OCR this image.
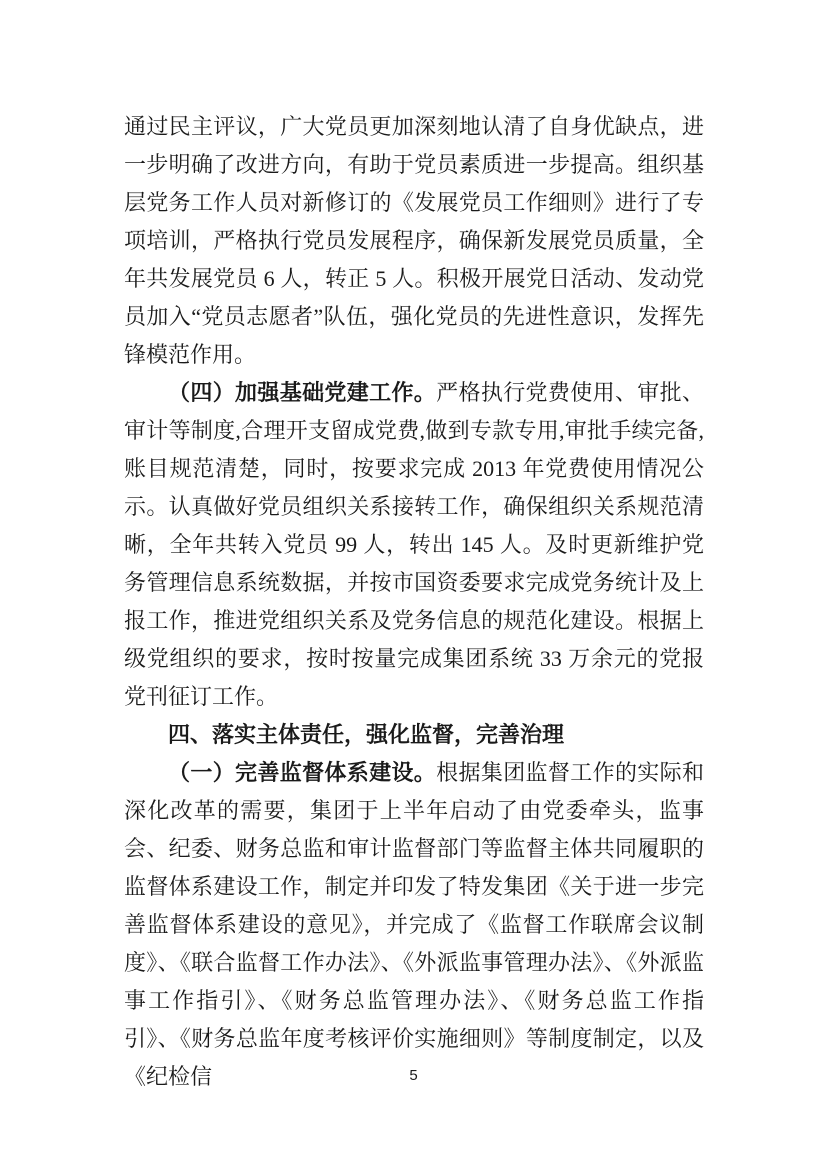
通过民主评议，广大党员更加深刻地认清了自身优缺点，进一步明确了改进方向，有助于党员素质进一步提高。组织基层党务工作人员对新修订的《发展党员工作细则》进行了专项培训，严格执行党员发展程序，确保新发展党员质量，全年共发展党员 6 人，转正 5 人。积极开展党日活动、发动党员加入“党员志愿者”队伍，强化党员的先进性意识，发挥先锋模范作用。

（四）加强基础党建工作。严格执行党费使用、审批、审计等制度,合理开支留成党费,做到专款专用,审批手续完备,账目规范清楚，同时，按要求完成 2013 年党费使用情况公示。认真做好党员组织关系接转工作，确保组织关系规范清晰，全年共转入党员 99 人，转出 145 人。及时更新维护党务管理信息系统数据，并按市国资委要求完成党务统计及上报工作，推进党组织关系及党务信息的规范化建设。根据上级党组织的要求，按时按量完成集团系统 33 万余元的党报党刊征订工作。

四、落实主体责任，强化监督，完善治理

（一）完善监督体系建设。根据集团监督工作的实际和深化改革的需要，集团于上半年启动了由党委牵头，监事会、纪委、财务总监和审计监督部门等监督主体共同履职的监督体系建设工作，制定并印发了特发集团《关于进一步完善监督体系建设的意见》，并完成了《监督工作联席会议制度》、《联合监督工作办法》、《外派监事管理办法》、《外派监事工作指引》、《财务总监管理办法》、《财务总监工作指引》、《财务总监年度考核评价实施细则》等制度制定，以及《纪检信	5
